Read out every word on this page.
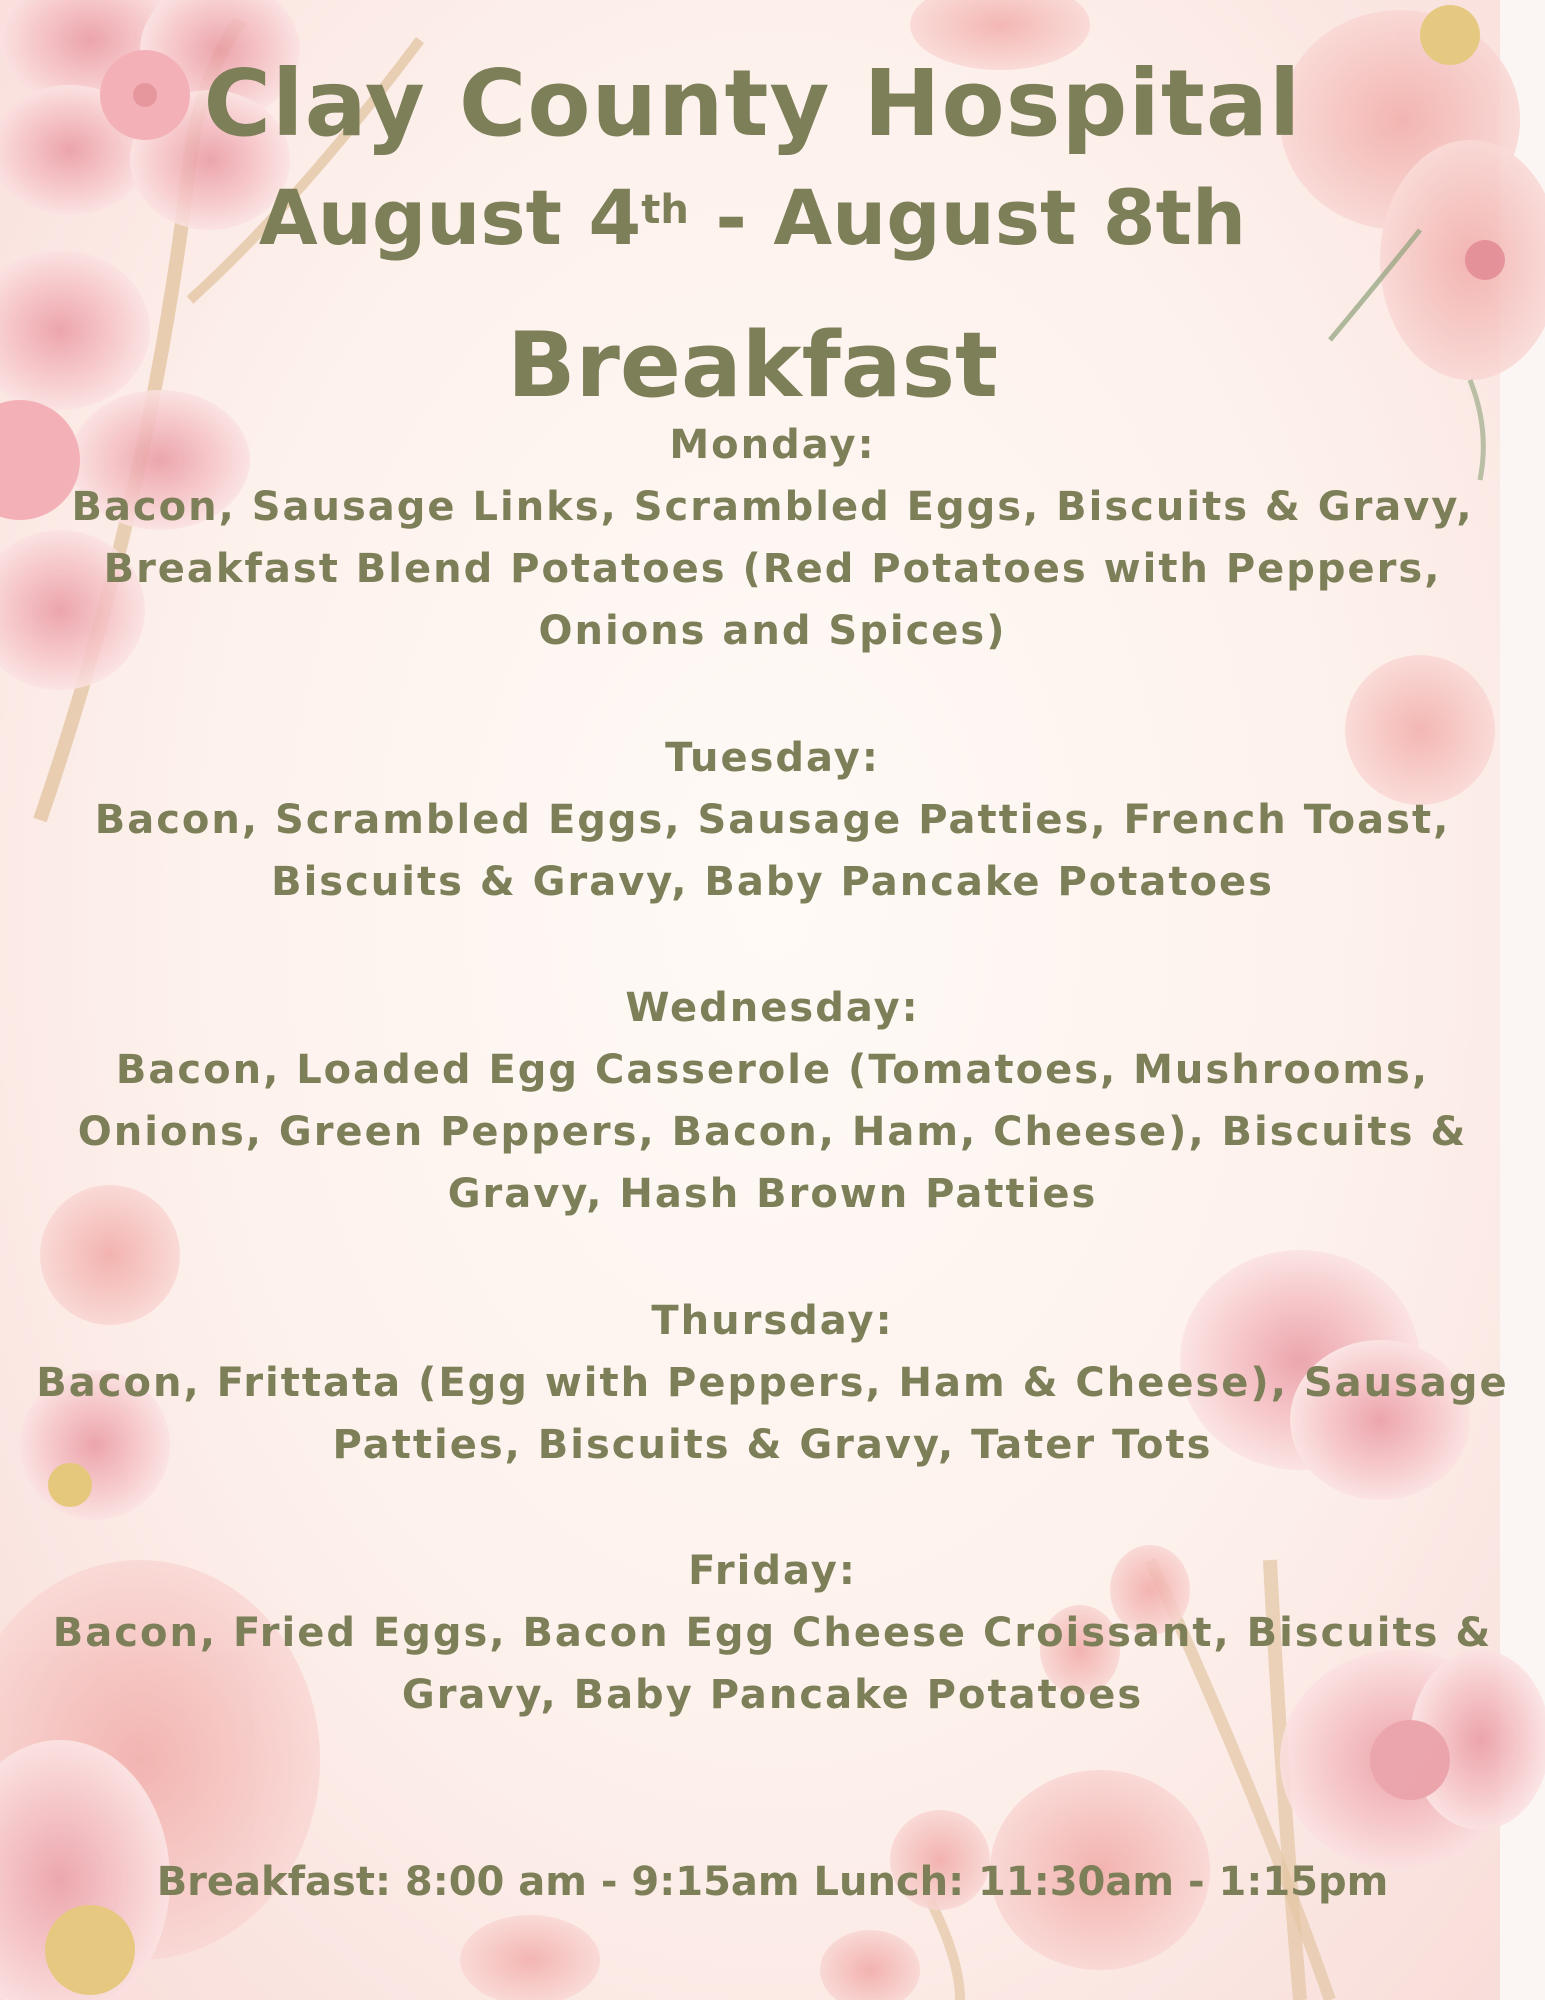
Clay County Hospital
August 4th - August 8th
Breakfast
Monday:
Bacon, Sausage Links, Scrambled Eggs, Biscuits & Gravy, Breakfast Blend Potatoes (Red Potatoes with Peppers, Onions and Spices)
Tuesday:
Bacon, Scrambled Eggs, Sausage Patties, French Toast, Biscuits & Gravy, Baby Pancake Potatoes
Wednesday:
Bacon, Loaded Egg Casserole (Tomatoes, Mushrooms, Onions, Green Peppers, Bacon, Ham, Cheese), Biscuits & Gravy, Hash Brown Patties
Thursday:
Bacon, Frittata (Egg with Peppers, Ham & Cheese), Sausage Patties, Biscuits & Gravy, Tater Tots
Friday:
Bacon, Fried Eggs, Bacon Egg Cheese Croissant, Biscuits & Gravy, Baby Pancake Potatoes
Breakfast: 8:00 am - 9:15am Lunch: 11:30am - 1:15pm
